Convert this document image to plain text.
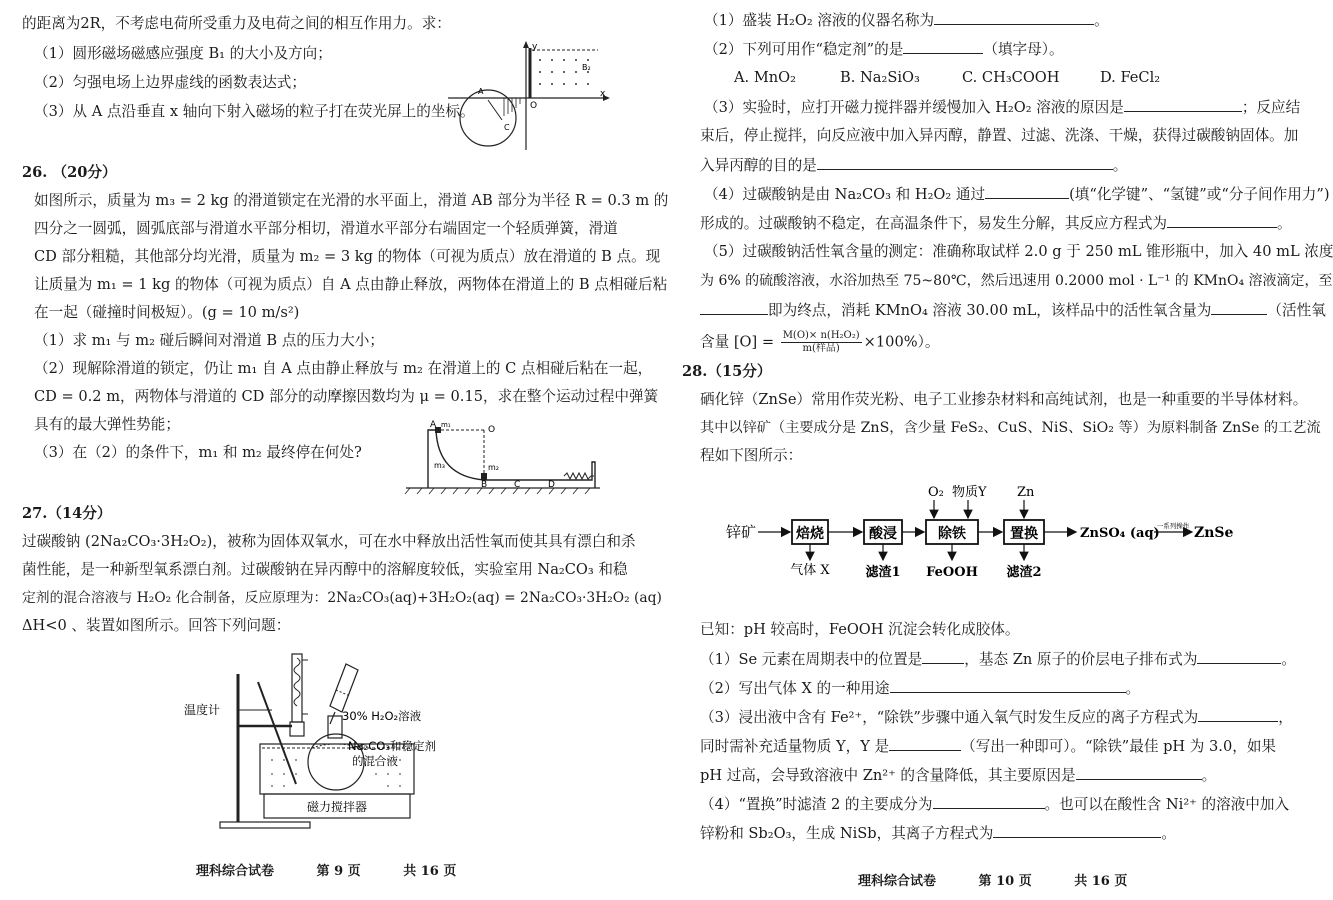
的距离为2R，不考虑电荷所受重力及电荷之间的相互作用力。求：
（1）圆形磁场磁感应强度 B₁ 的大小及方向；
（2）匀强电场上边界虚线的函数表达式；
（3）从 A 点沿垂直 x 轴向下射入磁场的粒子打在荧光屏上的坐标。
y
x
O
B₂
A
C
26. （20分）
如图所示，质量为 m₃ = 2 kg 的滑道锁定在光滑的水平面上，滑道 AB 部分为半径 R = 0.3 m 的
四分之一圆弧，圆弧底部与滑道水平部分相切，滑道水平部分右端固定一个轻质弹簧，滑道
CD 部分粗糙，其他部分均光滑，质量为 m₂ = 3 kg 的物体（可视为质点）放在滑道的 B 点。现
让质量为 m₁ = 1 kg 的物体（可视为质点）自 A 点由静止释放，两物体在滑道上的 B 点相碰后粘
在一起（碰撞时间极短）。(g = 10 m/s²)
（1）求 m₁ 与 m₂ 碰后瞬间对滑道 B 点的压力大小；
（2）现解除滑道的锁定，仍让 m₁ 自 A 点由静止释放与 m₂ 在滑道上的 C 点相碰后粘在一起，
CD = 0.2 m，两物体与滑道的 CD 部分的动摩擦因数均为 μ = 0.15，求在整个运动过程中弹簧
具有的最大弹性势能；
（3）在（2）的条件下，m₁ 和 m₂ 最终停在何处?
A m₁	O
m₃	m₂
B	C	D
27.（14分）
过碳酸钠 (2Na₂CO₃·3H₂O₂)，被称为固体双氧水，可在水中释放出活性氧而使其具有漂白和杀
菌性能，是一种新型氧系漂白剂。过碳酸钠在异丙醇中的溶解度较低，实验室用 Na₂CO₃ 和稳
定剂的混合溶液与 H₂O₂ 化合制备，反应原理为：2Na₂CO₃(aq)+3H₂O₂(aq) = 2Na₂CO₃·3H₂O₂ (aq)
ΔH<0 、装置如图所示。回答下列问题：
磁力搅拌器
温度计	30% H₂O₂溶液
Na₂CO₃和稳定剂
的混合液
理科综合试卷	第 9 页	共 16 页
（1）盛装 H₂O₂ 溶液的仪器名称为	。
（2）下列可用作“稳定剂”的是	（填字母）。
A. MnO₂	B. Na₂SiO₃	C. CH₃COOH	D. FeCl₂
（3）实验时，应打开磁力搅拌器并缓慢加入 H₂O₂ 溶液的原因是	；反应结
束后，停止搅拌，向反应液中加入异丙醇，静置、过滤、洗涤、干燥，获得过碳酸钠固体。加
入异丙醇的目的是	。
（4）过碳酸钠是由 Na₂CO₃ 和 H₂O₂ 通过	(填“化学键”、“氢键”或“分子间作用力”)
形成的。过碳酸钠不稳定，在高温条件下，易发生分解，其反应方程式为	。
（5）过碳酸钠活性氧含量的测定：准确称取试样 2.0 g 于 250 mL 锥形瓶中，加入 40 mL 浓度
为 6% 的硫酸溶液，水浴加热至 75~80℃，然后迅速用 0.2000 mol · L⁻¹ 的 KMnO₄ 溶液滴定，至
即为终点，消耗 KMnO₄ 溶液 30.00 mL，该样品中的活性氧含量为	（活性氧
含量 [O] = M(O)× n(H₂O₂)
m(样品)	×100%）。
28.（15分）
硒化锌（ZnSe）常用作荧光粉、电子工业掺杂材料和高纯试剂，也是一种重要的半导体材料。
其中以锌矿（主要成分是 ZnS，含少量 FeS₂、CuS、NiS、SiO₂ 等）为原料制备 ZnSe 的工艺流
程如下图所示：
锌矿	焙烧	酸浸	除铁	置换	ZnSO₄ (aq)
一系列操作 ZnSe
O₂ 物质Y Zn
气体 X	滤渣1 FeOOH 滤渣2
已知：pH 较高时，FeOOH 沉淀会转化成胶体。
（1）Se 元素在周期表中的位置是	，基态 Zn 原子的价层电子排布式为	。
（2）写出气体 X 的一种用途	。
（3）浸出液中含有 Fe²⁺，“除铁”步骤中通入氧气时发生反应的离子方程式为	，
同时需补充适量物质 Y，Y 是	（写出一种即可）。“除铁”最佳 pH 为 3.0，如果
pH 过高，会导致溶液中 Zn²⁺ 的含量降低，其主要原因是	。
（4）“置换”时滤渣 2 的主要成分为	。也可以在酸性含 Ni²⁺ 的溶液中加入
锌粉和 Sb₂O₃，生成 NiSb，其离子方程式为	。
理科综合试卷	第 10 页	共 16 页
